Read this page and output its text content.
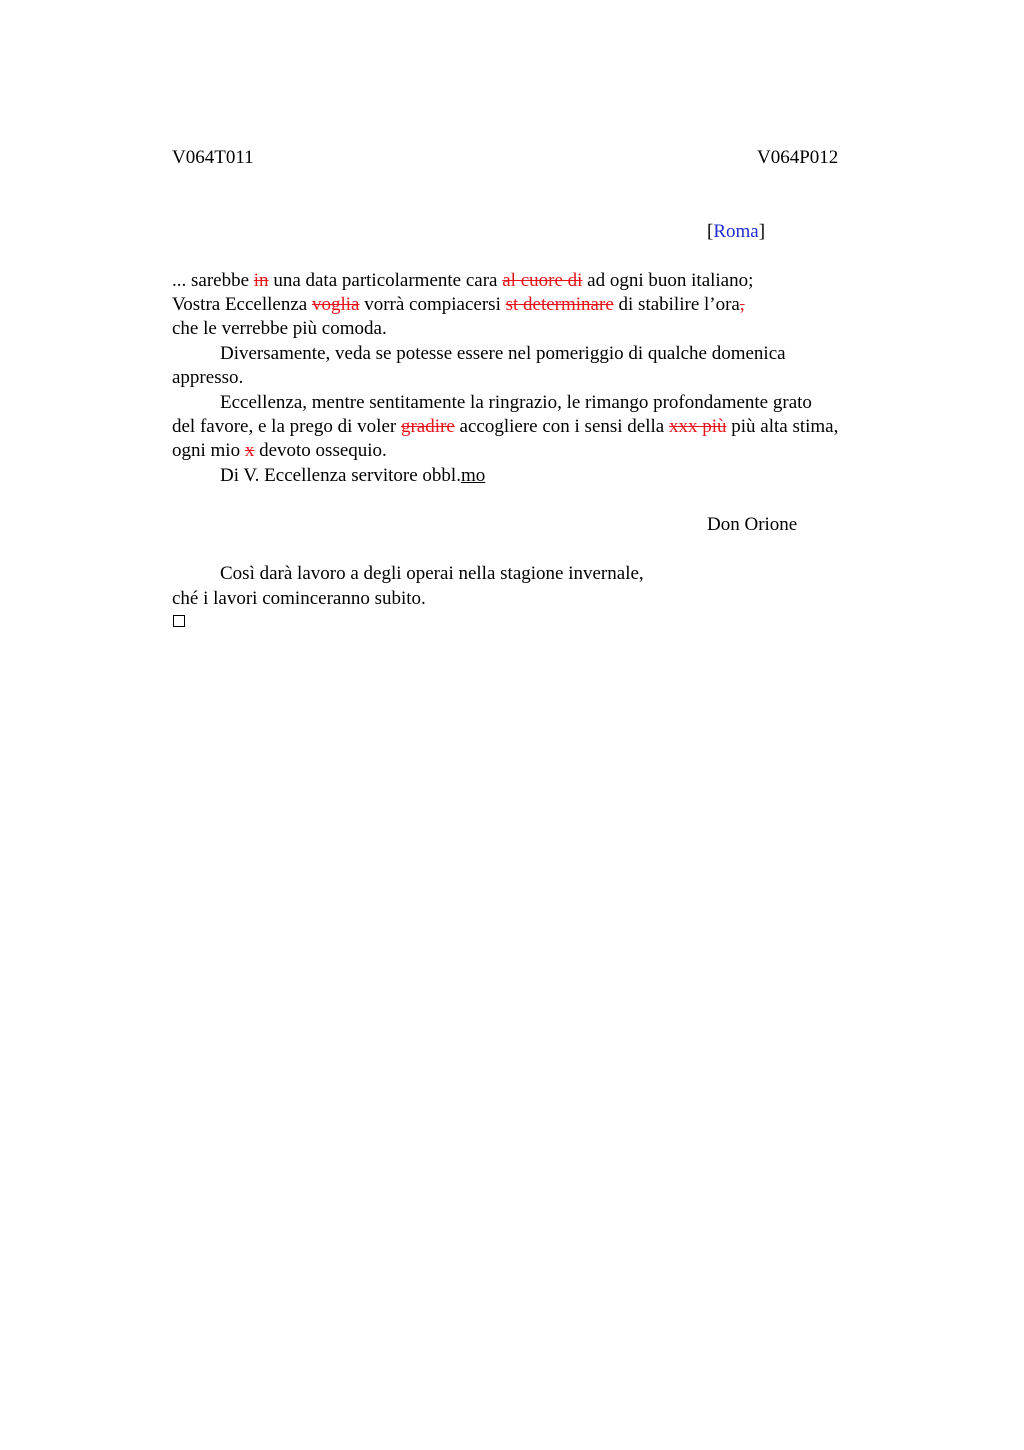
V064T011	V064P012
[Roma]
... sarebbe in una data particolarmente cara al cuore di ad ogni buon italiano;
Vostra Eccellenza voglia vorrà compiacersi st determinare di stabilire l’ora,
che le verrebbe più comoda.
Diversamente, veda se potesse essere nel pomeriggio di qualche domenica
appresso.
Eccellenza, mentre sentitamente la ringrazio, le rimango profondamente grato
del favore, e la prego di voler gradire accogliere con i sensi della xxx più più alta stima,
ogni mio x devoto ossequio.
Di V. Eccellenza servitore obbl.mo
Don Orione
Così darà lavoro a degli operai nella stagione invernale,
ché i lavori cominceranno subito.
